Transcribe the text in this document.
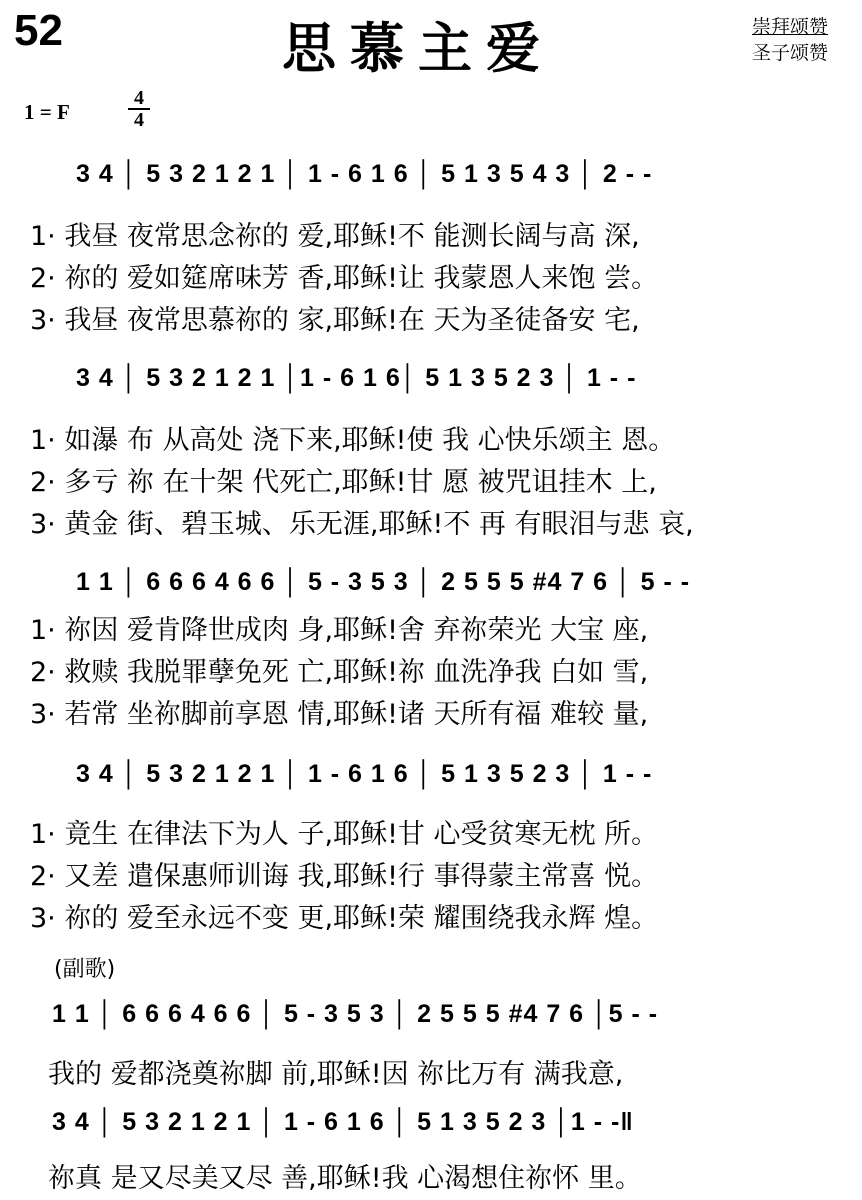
52	思慕主爱	崇拜颂赞
圣子颂赞
1 = F
4
4
3 4 │ 5 3 2 1 2 1 │ 1 - 6 1 6 │ 5 1 3 5 4 3 │ 2 - -
1· 我昼 夜常思念祢的 爱,耶稣!不 能测长阔与高 深,
2· 祢的 爱如筵席味芳 香,耶稣!让 我蒙恩人来饱 尝。
3· 我昼 夜常思慕祢的 家,耶稣!在 天为圣徒备安 宅,
3 4 │ 5 3 2 1 2 1 │1 - 6 1 6│ 5 1 3 5 2 3 │ 1 - -
1· 如瀑 布 从高处 浇下来,耶稣!使 我 心快乐颂主 恩。
2· 多亏 祢 在十架 代死亡,耶稣!甘 愿 被咒诅挂木 上,
3· 黄金 街、碧玉城、乐无涯,耶稣!不 再 有眼泪与悲 哀,
1 1 │ 6 6 6 4 6 6 │ 5 - 3 5 3 │ 2 5 5 5 #4 7 6 │ 5 - -
1· 祢因 爱肯降世成肉 身,耶稣!舍 弃祢荣光 大宝 座,
2· 救赎 我脱罪孽免死 亡,耶稣!祢 血洗净我 白如 雪,
3· 若常 坐祢脚前享恩 情,耶稣!诸 天所有福 难较 量,
3 4 │ 5 3 2 1 2 1 │ 1 - 6 1 6 │ 5 1 3 5 2 3 │ 1 - -
1· 竟生 在律法下为人 子,耶稣!甘 心受贫寒无枕 所。
2· 又差 遣保惠师训诲 我,耶稣!行 事得蒙主常喜 悦。
3· 祢的 爱至永远不变 更,耶稣!荣 耀围绕我永辉 煌。
(副歌)
1 1 │ 6 6 6 4 6 6 │ 5 - 3 5 3 │ 2 5 5 5 #4 7 6 │5 - -
我的 爱都浇奠祢脚 前,耶稣!因 祢比万有 满我意,
3 4 │ 5 3 2 1 2 1 │ 1 - 6 1 6 │ 5 1 3 5 2 3 │1 - -‖
祢真 是又尽美又尽 善,耶稣!我 心渴想住祢怀 里。
